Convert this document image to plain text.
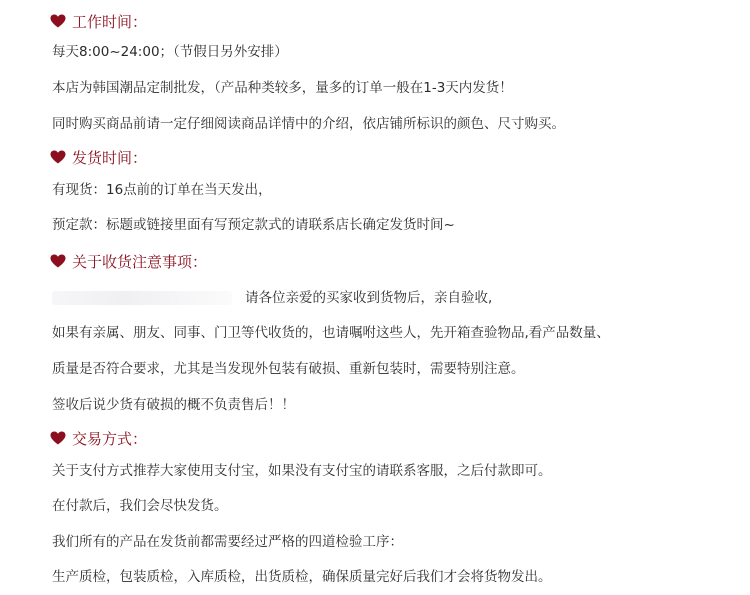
工作时间：
每天8:00~24:00；（节假日另外安排）
本店为韩国潮品定制批发，（产品种类较多，量多的订单一般在1-3天内发货！
同时购买商品前请一定仔细阅读商品详情中的介绍，依店铺所标识的颜色、尺寸购买。
发货时间：
有现货：16点前的订单在当天发出，
预定款：标题或链接里面有写预定款式的请联系店长确定发货时间~
关于收货注意事项：
请各位亲爱的买家收到货物后，亲自验收,
如果有亲属、朋友、同事、门卫等代收货的，也请嘱咐这些人，先开箱查验物品,看产品数量、
质量是否符合要求，尤其是当发现外包装有破损、重新包装时，需要特别注意。
签收后说少货有破损的概不负责售后！！
交易方式：
关于支付方式推荐大家使用支付宝，如果没有支付宝的请联系客服，之后付款即可。
在付款后，我们会尽快发货。
我们所有的产品在发货前都需要经过严格的四道检验工序：
生产质检，包装质检，入库质检，出货质检，确保质量完好后我们才会将货物发出。
